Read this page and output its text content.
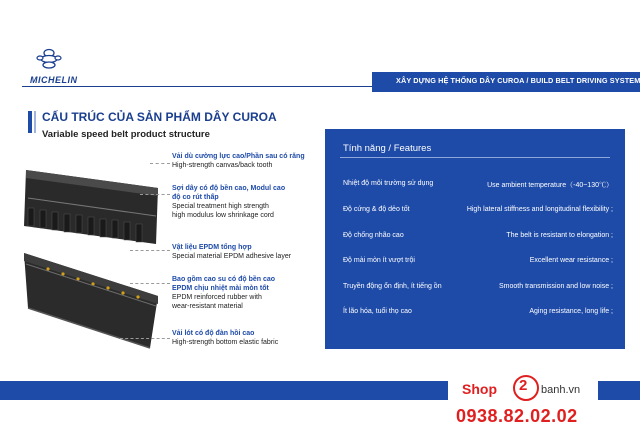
MICHELIN	XÂY DỰNG HỆ THỐNG DÂY CUROA / BUILD BELT DRIVING SYSTEM
CẤU TRÚC CỦA SẢN PHẨM DÂY CUROA
Variable speed belt product structure
Vải dù cường lực cao/Phần sau có răng
High-strength canvas/back tooth
Sợi dây có độ bền cao, Modul cao
độ co rút thấp
Special treatment high strength
high modulus low shrinkage cord
Vật liệu EPDM tổng hợp
Special material EPDM adhesive layer
Bao gồm cao su có độ bền cao
EPDM chịu nhiệt mài mòn tốt
EPDM reinforced rubber with
wear-resistant material
Vải lót có độ đàn hồi cao
High-strength bottom elastic fabric
Tính năng / Features
Nhiệt độ môi trường sử dụng	Use ambient temperature（-40~130℃）
Độ cứng & độ dẻo tốt	High lateral stiffness and longitudinal flexibility ;
Độ chống nhão cao	The belt is resistant to elongation ;
Độ mài mòn ít vượt trội	Excellent wear resistance ;
Truyền động ổn định, ít tiếng ồn	Smooth transmission and low noise ;
Ít lão hóa, tuổi thọ cao	Aging resistance, long life ;
Shop 2 banh.vn
0938.82.02.02
